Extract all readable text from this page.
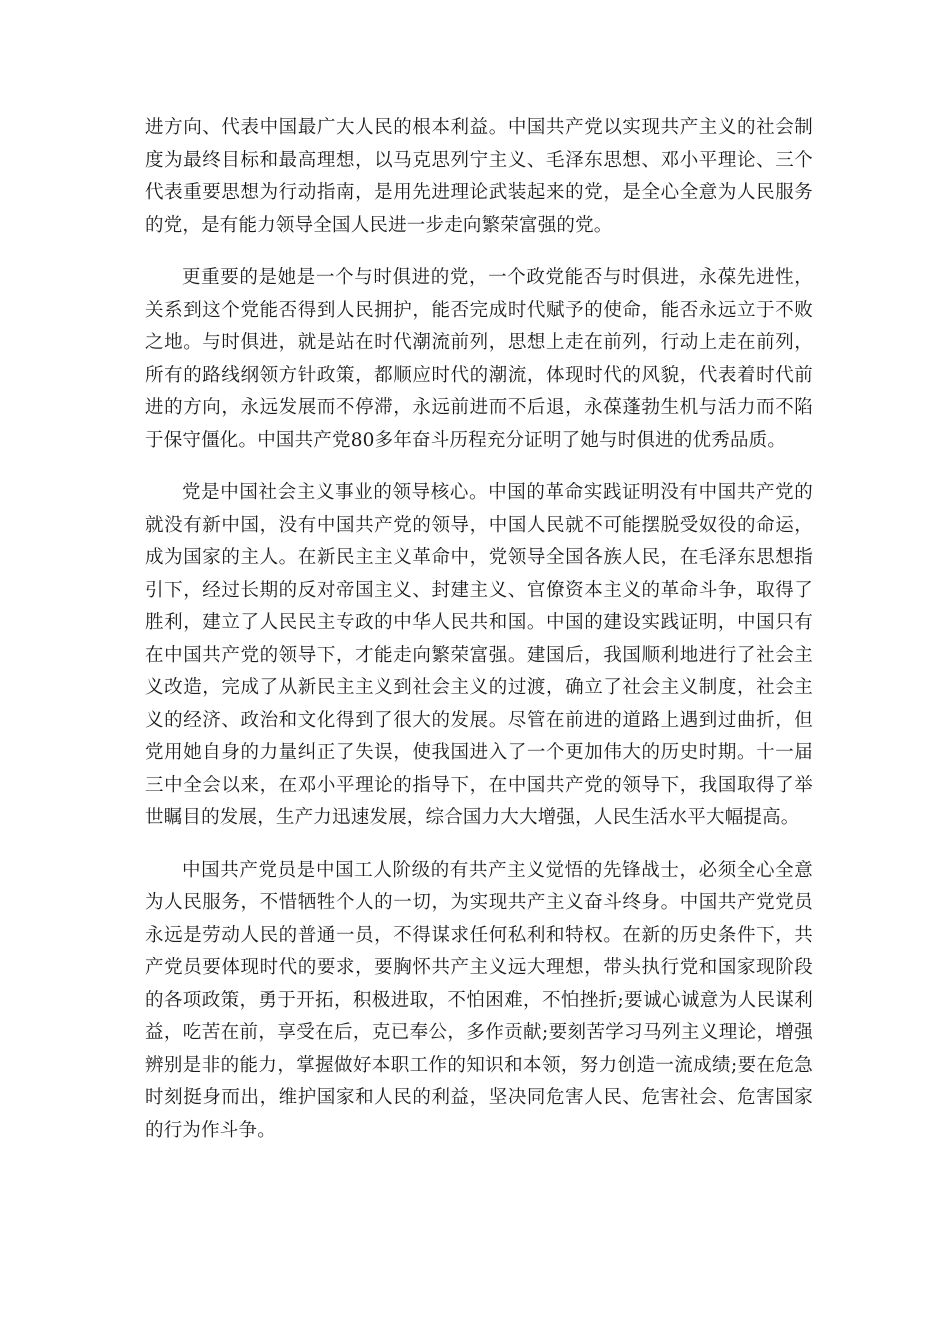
进方向、代表中国最广大人民的根本利益。中国共产党以实现共产主义的社会制度为最终目标和最高理想，以马克思列宁主义、毛泽东思想、邓小平理论、三个代表重要思想为行动指南，是用先进理论武装起来的党，是全心全意为人民服务的党，是有能力领导全国人民进一步走向繁荣富强的党。

更重要的是她是一个与时俱进的党，一个政党能否与时俱进，永葆先进性，关系到这个党能否得到人民拥护，能否完成时代赋予的使命，能否永远立于不败之地。与时俱进，就是站在时代潮流前列，思想上走在前列，行动上走在前列，所有的路线纲领方针政策，都顺应时代的潮流，体现时代的风貌，代表着时代前进的方向，永远发展而不停滞，永远前进而不后退，永葆蓬勃生机与活力而不陷于保守僵化。中国共产党80多年奋斗历程充分证明了她与时俱进的优秀品质。

党是中国社会主义事业的领导核心。中国的革命实践证明没有中国共产党的就没有新中国，没有中国共产党的领导，中国人民就不可能摆脱受奴役的命运，成为国家的主人。在新民主主义革命中，党领导全国各族人民，在毛泽东思想指引下，经过长期的反对帝国主义、封建主义、官僚资本主义的革命斗争，取得了胜利，建立了人民民主专政的中华人民共和国。中国的建设实践证明，中国只有在中国共产党的领导下，才能走向繁荣富强。建国后，我国顺利地进行了社会主义改造，完成了从新民主主义到社会主义的过渡，确立了社会主义制度，社会主义的经济、政治和文化得到了很大的发展。尽管在前进的道路上遇到过曲折，但党用她自身的力量纠正了失误，使我国进入了一个更加伟大的历史时期。十一届三中全会以来，在邓小平理论的指导下，在中国共产党的领导下，我国取得了举世瞩目的发展，生产力迅速发展，综合国力大大增强，人民生活水平大幅提高。

中国共产党员是中国工人阶级的有共产主义觉悟的先锋战士，必须全心全意为人民服务，不惜牺牲个人的一切，为实现共产主义奋斗终身。中国共产党党员永远是劳动人民的普通一员，不得谋求任何私利和特权。在新的历史条件下，共产党员要体现时代的要求，要胸怀共产主义远大理想，带头执行党和国家现阶段的各项政策，勇于开拓，积极进取，不怕困难，不怕挫折;要诚心诚意为人民谋利益，吃苦在前，享受在后，克已奉公，多作贡献;要刻苦学习马列主义理论，增强辨别是非的能力，掌握做好本职工作的知识和本领，努力创造一流成绩;要在危急时刻挺身而出，维护国家和人民的利益，坚决同危害人民、危害社会、危害国家的行为作斗争。
